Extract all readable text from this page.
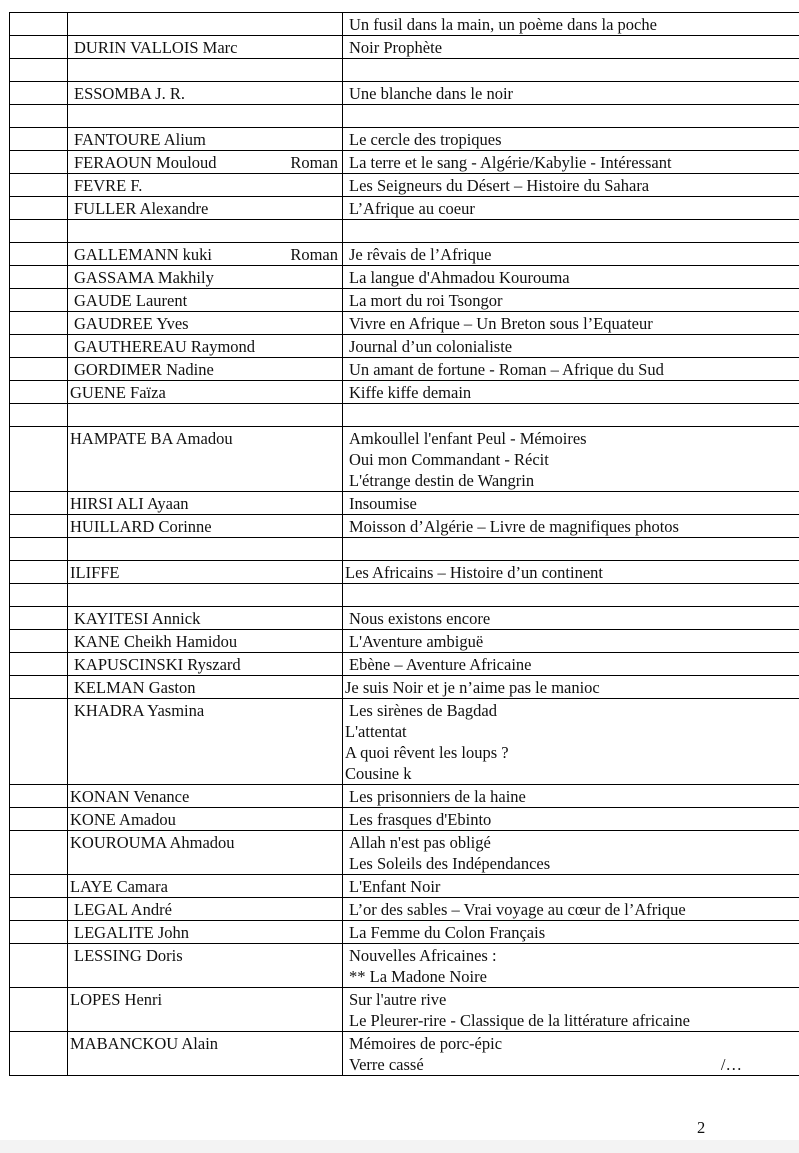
		Un fusil dans la main, un poème dans la poche

	DURIN VALLOIS Marc	Noir Prophète

	ESSOMBA J. R.	Une blanche dans le noir

	FANTOURE Alium	Le cercle des tropiques

	FERAOUN Mouloud Roman	La terre et le sang - Algérie/Kabylie - Intéressant

	FEVRE F.	Les Seigneurs du Désert – Histoire du Sahara

	FULLER Alexandre	L’Afrique au coeur

	GALLEMANN kuki Roman	Je rêvais de l’Afrique

	GASSAMA Makhily	La langue d'Ahmadou Kourouma

	GAUDE Laurent	La mort du roi Tsongor

	GAUDREE Yves	Vivre en Afrique – Un Breton sous l’Equateur

	GAUTHEREAU Raymond	Journal d’un colonialiste

	GORDIMER Nadine	Un amant de fortune - Roman – Afrique du Sud

	GUENE Faïza	Kiffe kiffe demain

	HAMPATE BA Amadou	Amkoullel l'enfant Peul - Mémoires
Oui mon Commandant - Récit
L'étrange destin de Wangrin

	HIRSI ALI Ayaan	Insoumise

	HUILLARD Corinne	Moisson d’Algérie – Livre de magnifiques photos

	ILIFFE	Les Africains – Histoire d’un continent

	KAYITESI Annick	Nous existons encore

	KANE Cheikh Hamidou	L'Aventure ambiguë

	KAPUSCINSKI Ryszard	Ebène – Aventure Africaine

	KELMAN Gaston	Je suis Noir et je n’aime pas le manioc

	KHADRA Yasmina	Les sirènes de Bagdad
L'attentat
A quoi rêvent les loups ?
Cousine k

	KONAN Venance	Les prisonniers de la haine

	KONE Amadou	Les frasques d'Ebinto

	KOUROUMA Ahmadou	Allah n'est pas obligé
Les Soleils des Indépendances

	LAYE Camara	L'Enfant Noir

	LEGAL André	L’or des sables – Vrai voyage au cœur de l’Afrique

	LEGALITE John	La Femme du Colon Français

	LESSING Doris	Nouvelles Africaines :
** La Madone Noire

	LOPES Henri	Sur l'autre rive
Le Pleurer-rire - Classique de la littérature africaine

	MABANCKOU Alain	Mémoires de porc-épic
Verre cassé /…
2
